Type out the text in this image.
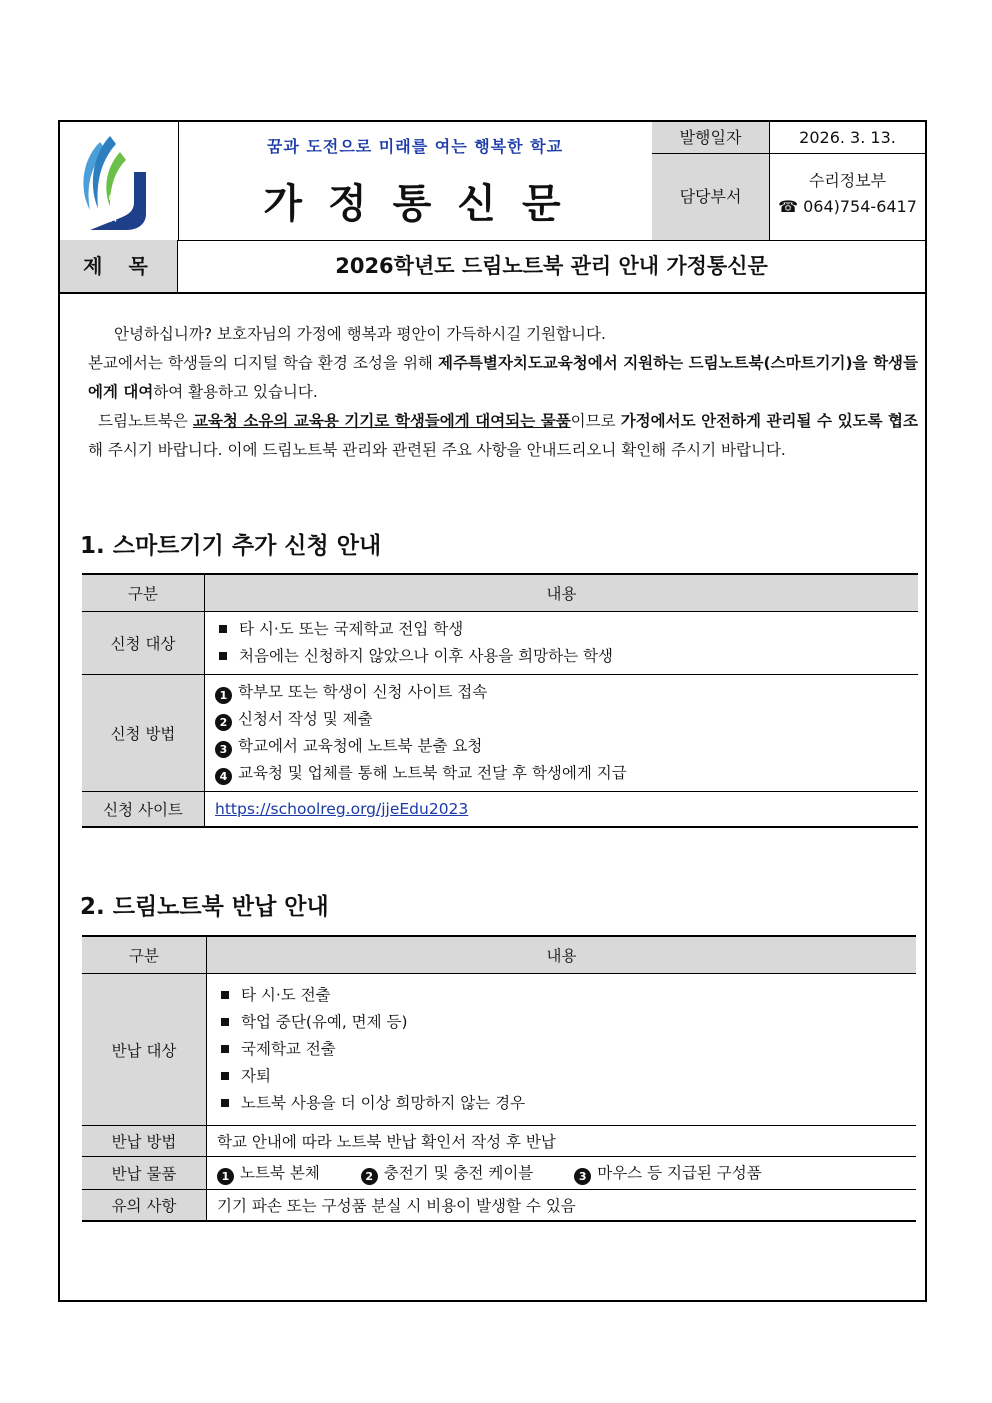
∩∩
JNUH
1984
꿈과 도전으로 미래를 여는 행복한 학교
가정통신문
발행일자	2026. 3. 13.
담당부서
수리정보부
☎ 064)754-6417
제목	2026학년도 드림노트북 관리 안내 가정통신문

안녕하십니까? 보호자님의 가정에 행복과 평안이 가득하시길 기원합니다.

본교에서는 학생들의 디지털 학습 환경 조성을 위해 제주특별자치도교육청에서 지원하는 드림노트북(스마트기기)을 학생들에게 대여하여 활용하고 있습니다.

드림노트북은 교육청 소유의 교육용 기기로 학생들에게 대여되는 물품이므로 가정에서도 안전하게 관리될 수 있도록 협조해 주시기 바랍니다. 이에 드림노트북 관리와 관련된 주요 사항을 안내드리오니 확인해 주시기 바랍니다.

1. 스마트기기 추가 신청 안내
구분	내용
신청 대상	타 시·도 또는 국제학교 전입 학생
처음에는 신청하지 않았으나 이후 사용을 희망하는 학생

신청 방법	1 학부모 또는 학생이 신청 사이트 접속
2 신청서 작성 및 제출
3 학교에서 교육청에 노트북 분출 요청
4 교육청 및 업체를 통해 노트북 학교 전달 후 학생에게 지급

신청 사이트	https://schoolreg.org/jjeEdu2023
2. 드림노트북 반납 안내
구분	내용
반납 대상	타 시·도 전출
학업 중단(유예, 면제 등)
국제학교 전출
자퇴
노트북 사용을 더 이상 희망하지 않는 경우

반납 방법	학교 안내에 따라 노트북 반납 확인서 작성 후 반납
반납 물품	1 노트북 본체 2 충전기 및 충전 케이블 3 마우스 등 지급된 구성품
유의 사항	기기 파손 또는 구성품 분실 시 비용이 발생할 수 있음
